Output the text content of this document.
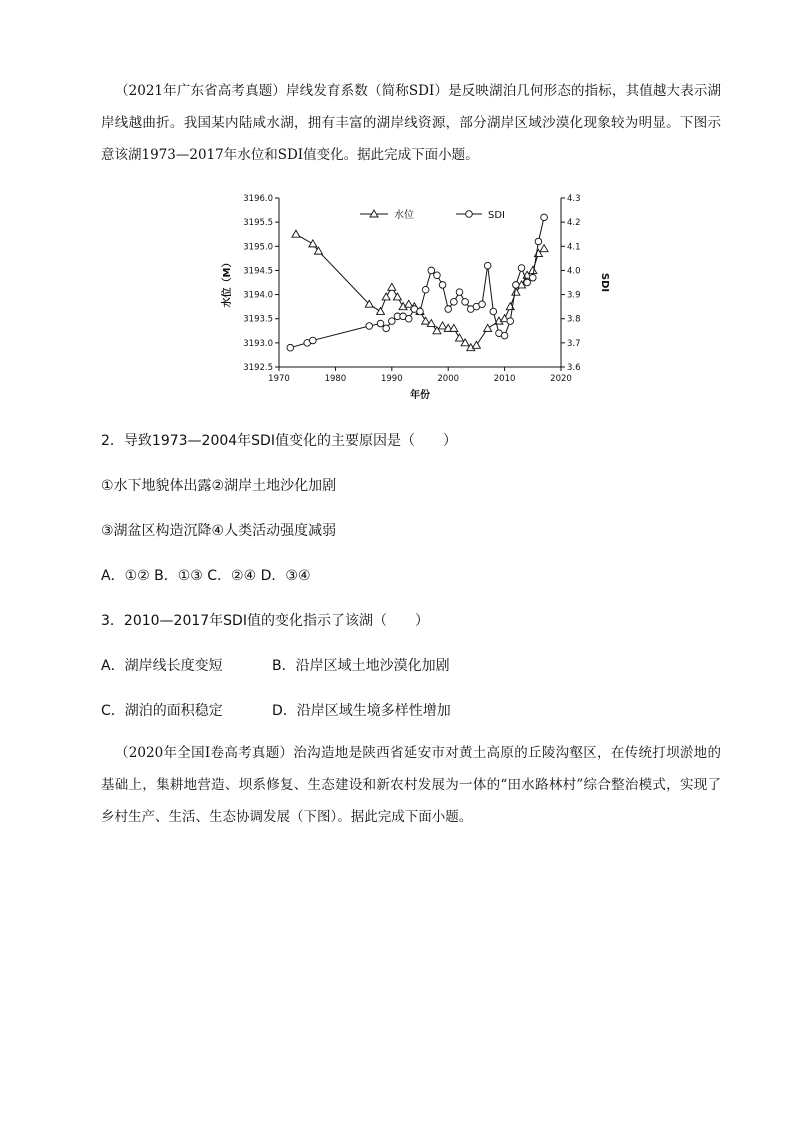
（2021年广东省高考真题）岸线发育系数（简称SDI）是反映湖泊几何形态的指标，其值越大表示湖岸线越曲折。我国某内陆咸水湖，拥有丰富的湖岸线资源，部分湖岸区域沙漠化现象较为明显。下图示意该湖1973—2017年水位和SDI值变化。据此完成下面小题。

3192.5
3193.0
3193.5
3194.0
3194.5
3195.0
3195.5
3196.0
3.6
3.7
3.8
3.9
4.0
4.1
4.2
4.3
1970	1980	1990	2000	2010	2020
年份
水位（M）	SDI
水位	SDI
2．导致1973—2004年SDI值变化的主要原因是（　　）
①水下地貌体出露②湖岸土地沙化加剧
③湖盆区构造沉降④人类活动强度减弱
A．①② B．①③ C．②④ D．③④
3．2010—2017年SDI值的变化指示了该湖（　　）
A．湖岸线长度变短	B．沿岸区域土地沙漠化加剧
C．湖泊的面积稳定	D．沿岸区域生境多样性增加

（2020年全国I卷高考真题）治沟造地是陕西省延安市对黄土高原的丘陵沟壑区，在传统打坝淤地的基础上，集耕地营造、坝系修复、生态建设和新农村发展为一体的“田水路林村”综合整治模式，实现了乡村生产、生活、生态协调发展（下图）。据此完成下面小题。
